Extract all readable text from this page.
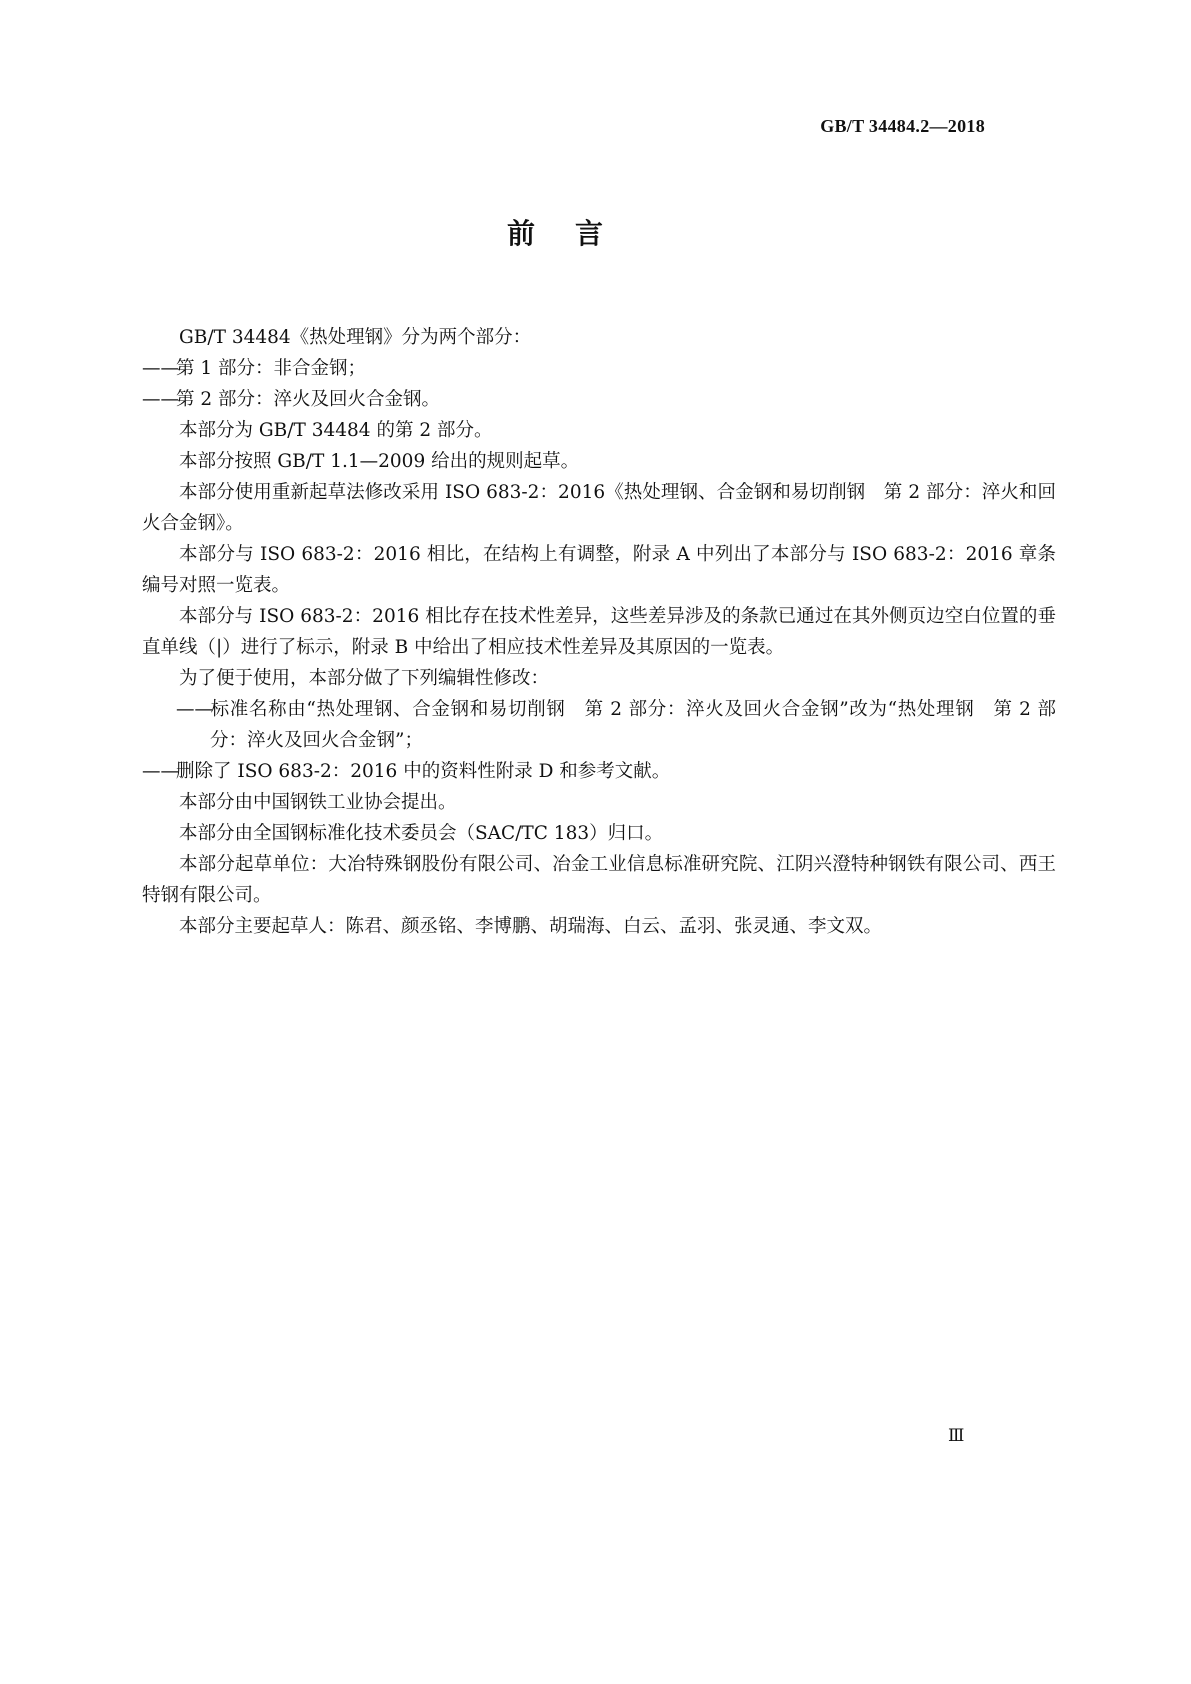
GB/T 34484.2—2018
前言

GB/T 34484《热处理钢》分为两个部分：

——第 1 部分：非合金钢；

——第 2 部分：淬火及回火合金钢。

本部分为 GB/T 34484 的第 2 部分。

本部分按照 GB/T 1.1—2009 给出的规则起草。

本部分使用重新起草法修改采用 ISO 683-2：2016《热处理钢、合金钢和易切削钢　第 2 部分：淬火和回火合金钢》。

本部分与 ISO 683-2：2016 相比，在结构上有调整，附录 A 中列出了本部分与 ISO 683-2：2016 章条编号对照一览表。

本部分与 ISO 683-2：2016 相比存在技术性差异，这些差异涉及的条款已通过在其外侧页边空白位置的垂直单线（|）进行了标示，附录 B 中给出了相应技术性差异及其原因的一览表。

为了便于使用，本部分做了下列编辑性修改：

——标准名称由“热处理钢、合金钢和易切削钢　第 2 部分：淬火及回火合金钢”改为“热处理钢　第 2 部分：淬火及回火合金钢”；

——删除了 ISO 683-2：2016 中的资料性附录 D 和参考文献。

本部分由中国钢铁工业协会提出。

本部分由全国钢标准化技术委员会（SAC/TC 183）归口。

本部分起草单位：大冶特殊钢股份有限公司、冶金工业信息标准研究院、江阴兴澄特种钢铁有限公司、西王特钢有限公司。

本部分主要起草人：陈君、颜丞铭、李博鹏、胡瑞海、白云、孟羽、张灵通、李文双。

Ⅲ
